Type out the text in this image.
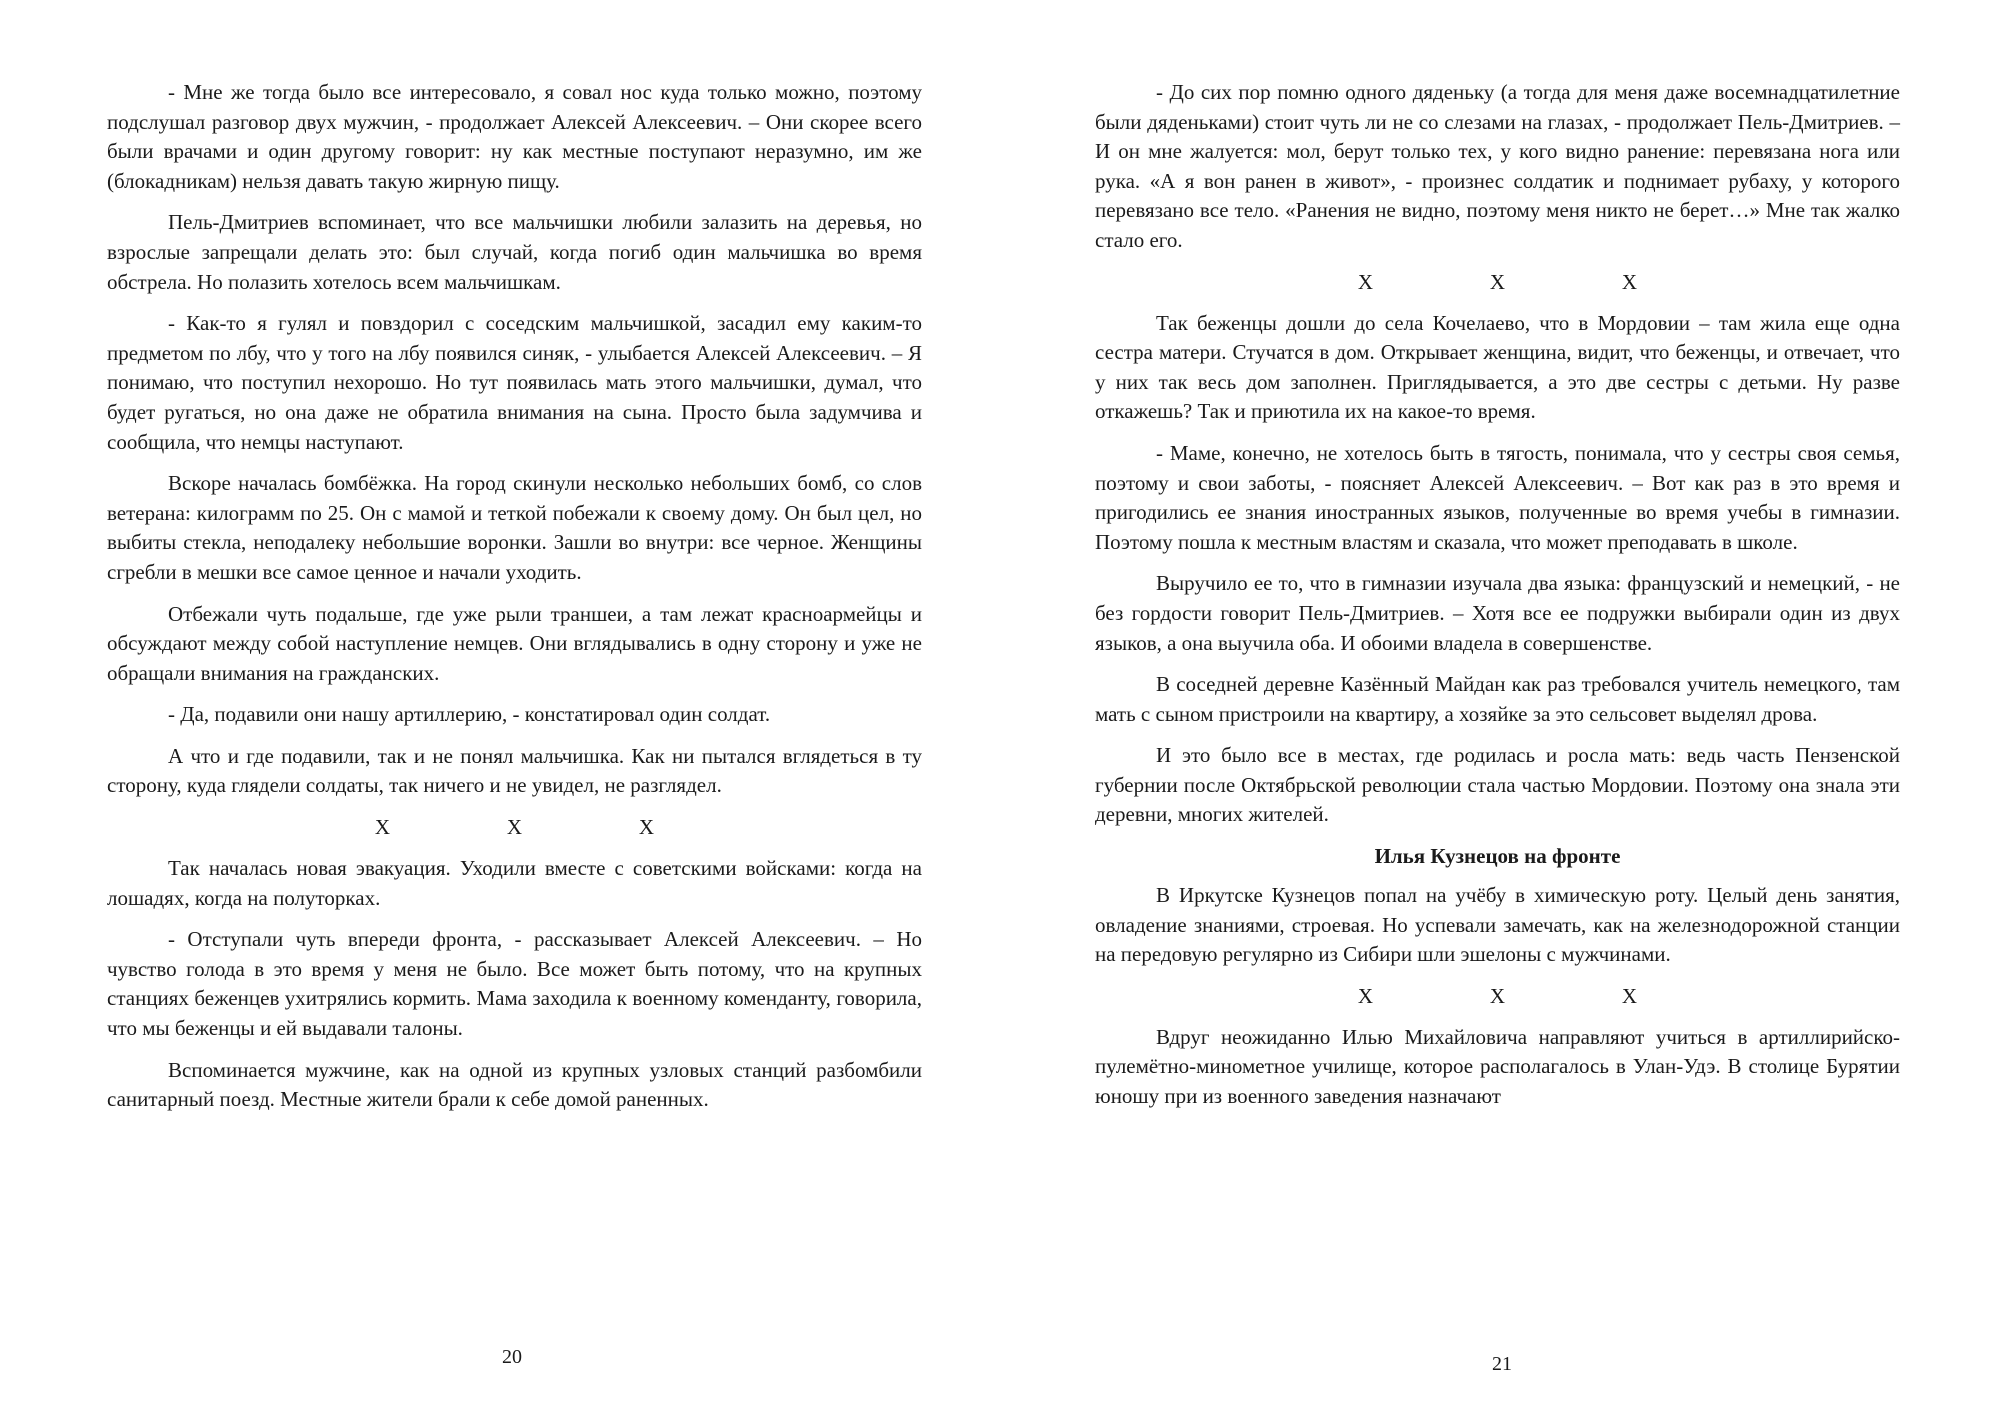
- Мне же тогда было все интересовало, я совал нос куда только можно, поэтому подслушал разговор двух мужчин, - продолжает Алексей Алексеевич. – Они скорее всего были врачами и один другому говорит: ну как местные поступают неразумно, им же (блокадникам) нельзя давать такую жирную пищу.

Пель-Дмитриев вспоминает, что все мальчишки любили залазить на деревья, но взрослые запрещали делать это: был случай, когда погиб один мальчишка во время обстрела. Но полазить хотелось всем мальчишкам.

- Как-то я гулял и повздорил с соседским мальчишкой, засадил ему каким-то предметом по лбу, что у того на лбу появился синяк, - улыбается Алексей Алексеевич. – Я понимаю, что поступил нехорошо. Но тут появилась мать этого мальчишки, думал, что будет ругаться, но она даже не обратила внимания на сына. Просто была задумчива и сообщила, что немцы наступают.

Вскоре началась бомбёжка. На город скинули несколько небольших бомб, со слов ветерана: килограмм по 25. Он с мамой и теткой побежали к своему дому. Он был цел, но выбиты стекла, неподалеку небольшие воронки. Зашли во внутри: все черное. Женщины сгребли в мешки все самое ценное и начали уходить.

Отбежали чуть подальше, где уже рыли траншеи, а там лежат красноармейцы и обсуждают между собой наступление немцев. Они вглядывались в одну сторону и уже не обращали внимания на гражданских.

- Да, подавили они нашу артиллерию, - констатировал один солдат.

А что и где подавили, так и не понял мальчишка. Как ни пытался вглядеться в ту сторону, куда глядели солдаты, так ничего и не увидел, не разглядел.

X	X	X

Так началась новая эвакуация. Уходили вместе с советскими войсками: когда на лошадях, когда на полуторках.

- Отступали чуть впереди фронта, - рассказывает Алексей Алексеевич. – Но чувство голода в это время у меня не было. Все может быть потому, что на крупных станциях беженцев ухитрялись кормить. Мама заходила к военному коменданту, говорила, что мы беженцы и ей выдавали талоны.

Вспоминается мужчине, как на одной из крупных узловых станций разбомбили санитарный поезд. Местные жители брали к себе домой раненных.

20

- До сих пор помню одного дяденьку (а тогда для меня даже восемнадцатилетние были дяденьками) стоит чуть ли не со слезами на глазах, - продолжает Пель-Дмитриев. – И он мне жалуется: мол, берут только тех, у кого видно ранение: перевязана нога или рука. «А я вон ранен в живот», - произнес солдатик и поднимает рубаху, у которого перевязано все тело. «Ранения не видно, поэтому меня никто не берет…» Мне так жалко стало его.

X	X	X

Так беженцы дошли до села Кочелаево, что в Мордовии – там жила еще одна сестра матери. Стучатся в дом. Открывает женщина, видит, что беженцы, и отвечает, что у них так весь дом заполнен. Приглядывается, а это две сестры с детьми. Ну разве откажешь? Так и приютила их на какое-то время.

- Маме, конечно, не хотелось быть в тягость, понимала, что у сестры своя семья, поэтому и свои заботы, - поясняет Алексей Алексеевич. – Вот как раз в это время и пригодились ее знания иностранных языков, полученные во время учебы в гимназии. Поэтому пошла к местным властям и сказала, что может преподавать в школе.

Выручило ее то, что в гимназии изучала два языка: французский и немецкий, - не без гордости говорит Пель-Дмитриев. – Хотя все ее подружки выбирали один из двух языков, а она выучила оба. И обоими владела в совершенстве.

В соседней деревне Казённый Майдан как раз требовался учитель немецкого, там мать с сыном пристроили на квартиру, а хозяйке за это сельсовет выделял дрова.

И это было все в местах, где родилась и росла мать: ведь часть Пензенской губернии после Октябрьской революции стала частью Мордовии. Поэтому она знала эти деревни, многих жителей.

Илья Кузнецов на фронте

В Иркутске Кузнецов попал на учёбу в химическую роту. Целый день занятия, овладение знаниями, строевая. Но успевали замечать, как на железнодорожной станции на передовую регулярно из Сибири шли эшелоны с мужчинами.

X	X	X

Вдруг неожиданно Илью Михайловича направляют учиться в артиллирийско-пулемётно-минометное училище, которое располагалось в Улан-Удэ. В столице Бурятии юношу при из военного заведения назначают

21
